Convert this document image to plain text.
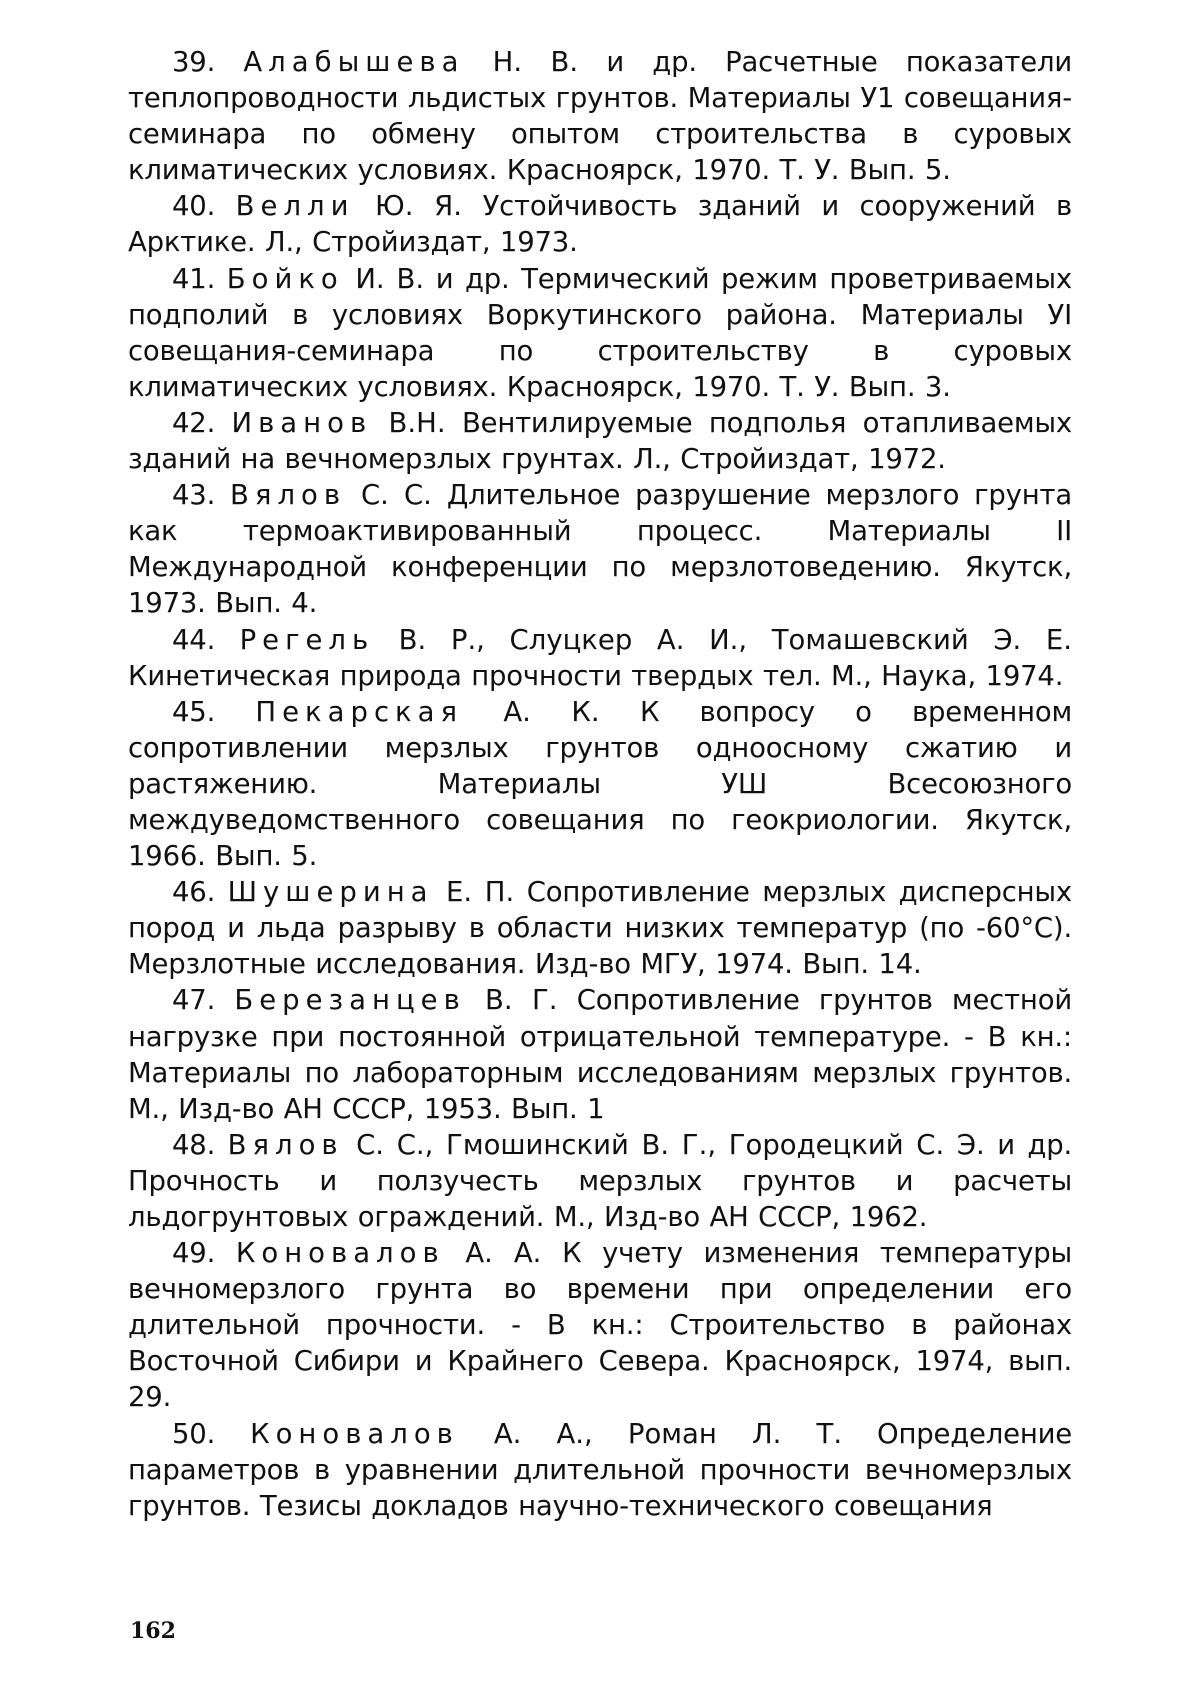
39. Алабышева Н. В. и др. Расчетные показатели теплопроводности льдистых грунтов. Материалы У1 совещания-семинара по обмену опытом строительства в суровых климатических условиях. Красноярск, 1970. Т. У. Вып. 5.

40. Велли Ю. Я. Устойчивость зданий и сооружений в Арктике. Л., Стройиздат, 1973.

41. Бойко И. В. и др. Термический режим проветриваемых подполий в условиях Воркутинского района. Материалы УI совещания-семинара по строительству в суровых климатических условиях. Красноярск, 1970. Т. У. Вып. 3.

42. Иванов В.Н. Вентилируемые подполья отапливаемых зданий на вечномерзлых грунтах. Л., Стройиздат, 1972.

43. Вялов С. С. Длительное разрушение мерзлого грунта как термоактивированный процесс. Материалы II Международной конференции по мерзлотоведению. Якутск, 1973. Вып. 4.

44. Регель В. Р., Слуцкер А. И., Томашевский Э. Е. Кинетическая природа прочности твердых тел. М., Наука, 1974.

45. Пекарская А. К. К вопросу о временном сопротивлении мерзлых грунтов одноосному сжатию и растяжению. Материалы УШ Всесоюзного междуведомственного совещания по геокриологии. Якутск, 1966. Вып. 5.

46. Шушерина Е. П. Сопротивление мерзлых дисперсных пород и льда разрыву в области низких температур (по -60°С). Мерзлотные исследования. Изд-во МГУ, 1974. Вып. 14.

47. Березанцев В. Г. Сопротивление грунтов местной нагрузке при постоянной отрицательной температуре. - В кн.: Материалы по лабораторным исследованиям мерзлых грунтов. М., Изд-во АН СССР, 1953. Вып. 1

48. Вялов С. С., Гмошинский В. Г., Городецкий С. Э. и др. Прочность и ползучесть мерзлых грунтов и расчеты льдогрунтовых ограждений. М., Изд-во АН СССР, 1962.

49. Коновалов А. А. К учету изменения температуры вечномерзлого грунта во времени при определении его длительной прочности. - В кн.: Строительство в районах Восточной Сибири и Крайнего Севера. Красноярск, 1974, вып. 29.

50. Коновалов А. А., Роман Л. Т. Определение параметров в уравнении длительной прочности вечномерзлых грунтов. Тезисы докладов научно-технического совещания

162
